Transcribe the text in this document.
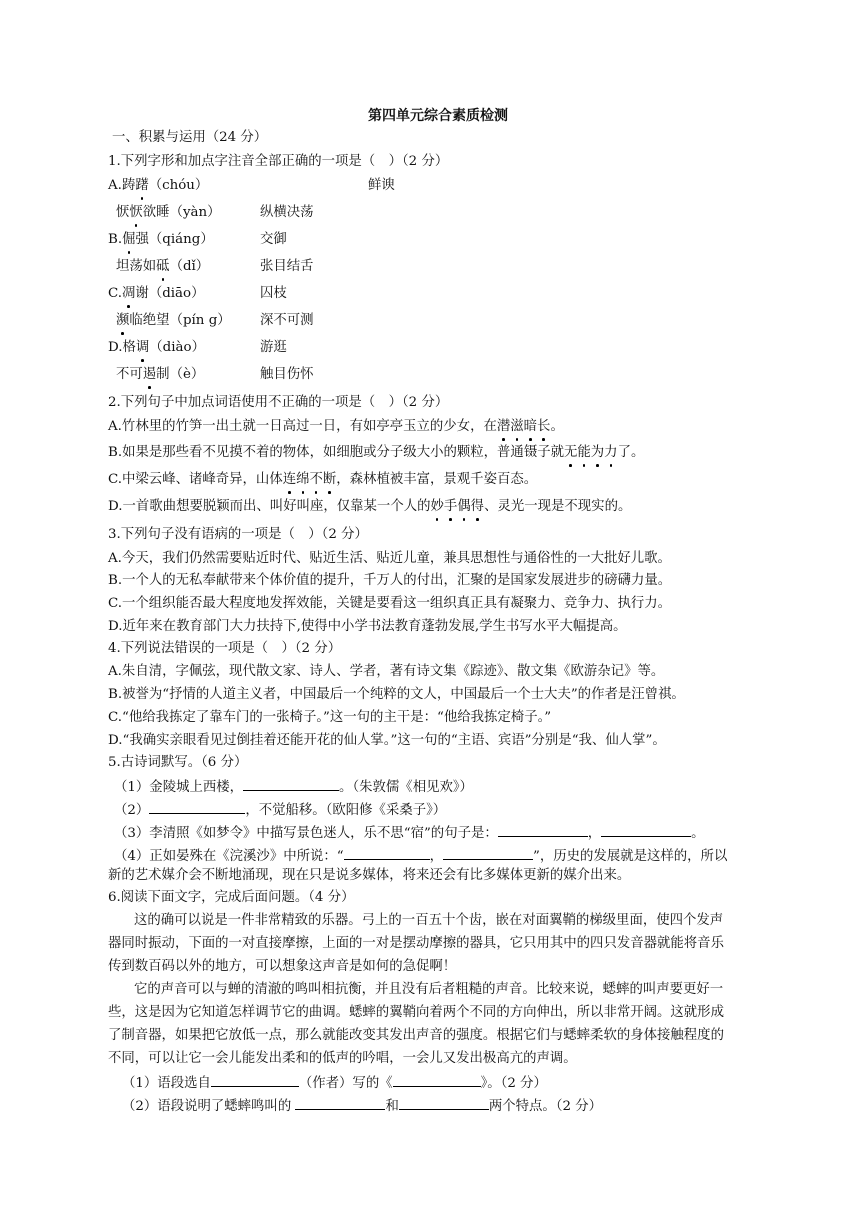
第四单元综合素质检测
一、积累与运用（24 分）
1.下列字形和加点字注音全部正确的一项是（　）（2 分）
A.踌躇（chóu）	鲜谀
恹恹欲睡（yàn）	纵横决荡
B.倔强（qiáng）	交御
坦荡如砥（dǐ）	张目结舌
C.凋谢（diāo）	囚枝
濒临绝望（pín g） 深不可测
D.格调（diào）	游逛
不可遏制（è）	触目伤怀
2.下列句子中加点词语使用不正确的一项是（　）（2 分）
A.竹林里的竹笋一出土就一日高过一日，有如亭亭玉立的少女，在潜滋暗长。
B.如果是那些看不见摸不着的物体，如细胞或分子级大小的颗粒，普通镊子就无能为力了。
C.中梁云峰、诸峰奇异，山体连绵不断，森林植被丰富，景观千姿百态。
D.一首歌曲想要脱颖而出、叫好叫座，仅靠某一个人的妙手偶得、灵光一现是不现实的。
3.下列句子没有语病的一项是（　）（2 分）
A.今天，我们仍然需要贴近时代、贴近生活、贴近儿童，兼具思想性与通俗性的一大批好儿歌。
B.一个人的无私奉献带来个体价值的提升，千万人的付出，汇聚的是国家发展进步的磅礴力量。
C.一个组织能否最大程度地发挥效能，关键是要看这一组织真正具有凝聚力、竞争力、执行力。
D.近年来在教育部门大力扶持下,使得中小学书法教育蓬勃发展,学生书写水平大幅提高。
4.下列说法错误的一项是（　）（2 分）
A.朱自清，字佩弦，现代散文家、诗人、学者，著有诗文集《踪迹》、散文集《欧游杂记》等。
B.被誉为“抒情的人道主义者，中国最后一个纯粹的文人，中国最后一个士大夫”的作者是汪曾祺。
C.“他给我拣定了靠车门的一张椅子。”这一句的主干是：“他给我拣定椅子。”
D.“我确实亲眼看见过倒挂着还能开花的仙人掌。”这一句的“主语、宾语”分别是“我、仙人掌”。
5.古诗词默写。（6 分）
（1）金陵城上西楼，	。（朱敦儒《相见欢》）
（2）	，不觉船移。（欧阳修《采桑子》）
（3）李清照《如梦令》中描写景色迷人，乐不思“宿”的句子是：	，	。
（4）正如晏殊在《浣溪沙》中所说：“	，	”，历史的发展就是这样的，所以
新的艺术媒介会不断地涌现，现在只是说多媒体，将来还会有比多媒体更新的媒介出来。
6.阅读下面文字，完成后面问题。（4 分）
这的确可以说是一件非常精致的乐器。弓上的一百五十个齿，嵌在对面翼鞘的梯级里面，使四个发声
器同时振动，下面的一对直接摩擦，上面的一对是摆动摩擦的器具，它只用其中的四只发音器就能将音乐
传到数百码以外的地方，可以想象这声音是如何的急促啊！
它的声音可以与蝉的清澈的鸣叫相抗衡，并且没有后者粗糙的声音。比较来说，蟋蟀的叫声要更好一
些，这是因为它知道怎样调节它的曲调。蟋蟀的翼鞘向着两个不同的方向伸出，所以非常开阔。这就形成
了制音器，如果把它放低一点，那么就能改变其发出声音的强度。根据它们与蟋蟀柔软的身体接触程度的
不同，可以让它一会儿能发出柔和的低声的吟唱，一会儿又发出极高亢的声调。
（1）语段选自	（作者）写的《	》。（2 分）
（2）语段说明了蟋蟀鸣叫的	和	两个特点。（2 分）
